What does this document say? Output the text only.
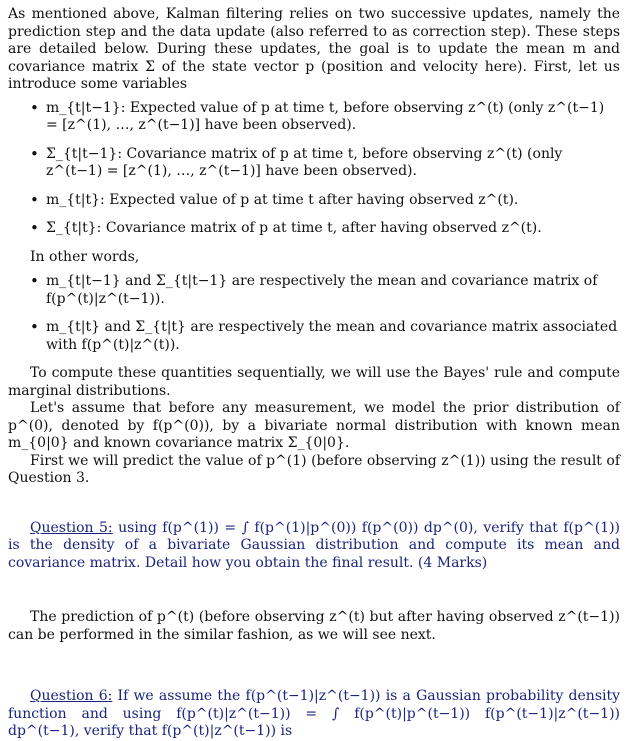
As mentioned above, Kalman filtering relies on two successive updates, namely the prediction step and the data update (also referred to as correction step). These steps are detailed below. During these updates, the goal is to update the mean m and covariance matrix Σ of the state vector p (position and velocity here). First, let us introduce some variables

• m_{t|t−1}: Expected value of p at time t, before observing z^(t) (only z^(t−1) = [z^(1), …, z^(t−1)] have been observed).
• Σ_{t|t−1}: Covariance matrix of p at time t, before observing z^(t) (only z^(t−1) = [z^(1), …, z^(t−1)] have been observed).
• m_{t|t}: Expected value of p at time t after having observed z^(t).
• Σ_{t|t}: Covariance matrix of p at time t, after having observed z^(t).

In other words,

• m_{t|t−1} and Σ_{t|t−1} are respectively the mean and covariance matrix of f(p^(t)|z^(t−1)).
• m_{t|t} and Σ_{t|t} are respectively the mean and covariance matrix associated with f(p^(t)|z^(t)).

To compute these quantities sequentially, we will use the Bayes' rule and compute marginal distributions.

Let's assume that before any measurement, we model the prior distribution of p^(0), denoted by f(p^(0)), by a bivariate normal distribution with known mean m_{0|0} and known covariance matrix Σ_{0|0}.

First we will predict the value of p^(1) (before observing z^(1)) using the result of Question 3.

Question 5: using f(p^(1)) = ∫ f(p^(1)|p^(0)) f(p^(0)) dp^(0), verify that f(p^(1)) is the density of a bivariate Gaussian distribution and compute its mean and covariance matrix. Detail how you obtain the final result. (4 Marks)

The prediction of p^(t) (before observing z^(t) but after having observed z^(t−1)) can be performed in the similar fashion, as we will see next.

Question 6: If we assume the f(p^(t−1)|z^(t−1)) is a Gaussian probability density function and using f(p^(t)|z^(t−1)) = ∫ f(p^(t)|p^(t−1)) f(p^(t−1)|z^(t−1)) dp^(t−1), verify that f(p^(t)|z^(t−1)) is
